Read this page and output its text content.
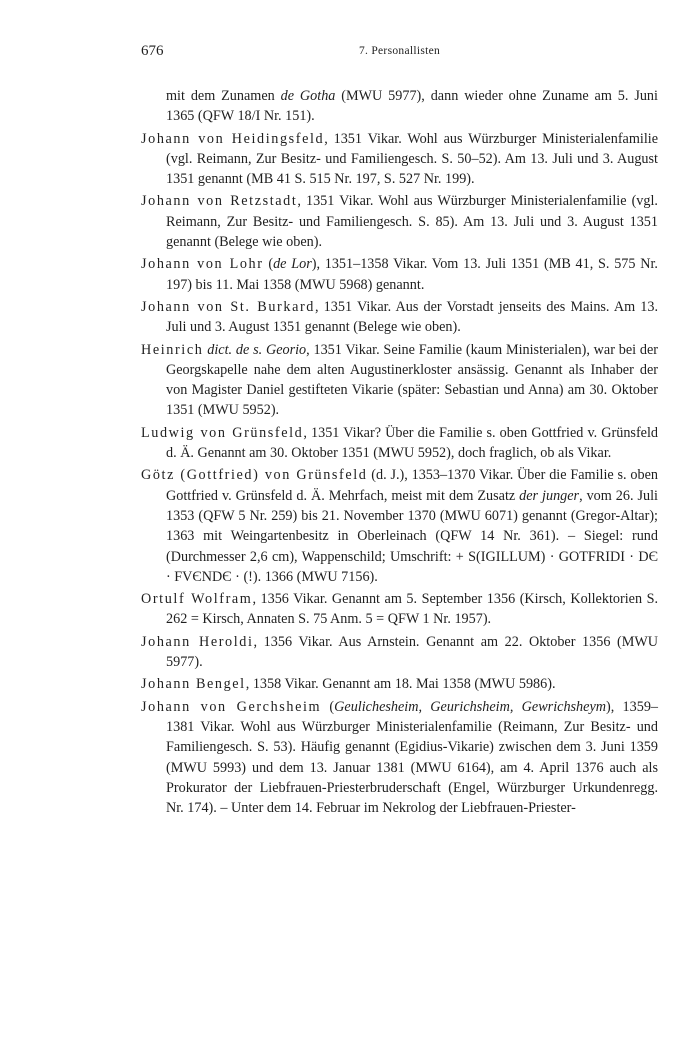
676	7. Personallisten

mit dem Zunamen de Gotha (MWU 5977), dann wieder ohne Zuname am 5. Juni 1365 (QFW 18/I Nr. 151).

Johann von Heidingsfeld, 1351 Vikar. Wohl aus Würzburger Ministerialenfamilie (vgl. Reimann, Zur Besitz- und Familiengesch. S. 50–52). Am 13. Juli und 3. August 1351 genannt (MB 41 S. 515 Nr. 197, S. 527 Nr. 199).

Johann von Retzstadt, 1351 Vikar. Wohl aus Würzburger Ministerialenfamilie (vgl. Reimann, Zur Besitz- und Familiengesch. S. 85). Am 13. Juli und 3. August 1351 genannt (Belege wie oben).

Johann von Lohr (de Lor), 1351–1358 Vikar. Vom 13. Juli 1351 (MB 41, S. 575 Nr. 197) bis 11. Mai 1358 (MWU 5968) genannt.

Johann von St. Burkard, 1351 Vikar. Aus der Vorstadt jenseits des Mains. Am 13. Juli und 3. August 1351 genannt (Belege wie oben).

Heinrich dict. de s. Georio, 1351 Vikar. Seine Familie (kaum Ministerialen), war bei der Georgskapelle nahe dem alten Augustinerkloster ansässig. Genannt als Inhaber der von Magister Daniel gestifteten Vikarie (später: Sebastian und Anna) am 30. Oktober 1351 (MWU 5952).

Ludwig von Grünsfeld, 1351 Vikar? Über die Familie s. oben Gottfried v. Grünsfeld d. Ä. Genannt am 30. Oktober 1351 (MWU 5952), doch fraglich, ob als Vikar.

Götz (Gottfried) von Grünsfeld (d. J.), 1353–1370 Vikar. Über die Familie s. oben Gottfried v. Grünsfeld d. Ä. Mehrfach, meist mit dem Zusatz der junger, vom 26. Juli 1353 (QFW 5 Nr. 259) bis 21. November 1370 (MWU 6071) genannt (Gregor-Altar); 1363 mit Weingartenbesitz in Oberleinach (QFW 14 Nr. 361). – Siegel: rund (Durchmesser 2,6 cm), Wappenschild; Umschrift: + S(IGILLUM) · GOTFRIDI · DЄ · FVЄNDЄ · (!). 1366 (MWU 7156).

Ortulf Wolfram, 1356 Vikar. Genannt am 5. September 1356 (Kirsch, Kollektorien S. 262 = Kirsch, Annaten S. 75 Anm. 5 = QFW 1 Nr. 1957).

Johann Heroldi, 1356 Vikar. Aus Arnstein. Genannt am 22. Oktober 1356 (MWU 5977).

Johann Bengel, 1358 Vikar. Genannt am 18. Mai 1358 (MWU 5986).

Johann von Gerchsheim (Geulichesheim, Geurichsheim, Gewrichsheym), 1359–1381 Vikar. Wohl aus Würzburger Ministerialenfamilie (Reimann, Zur Besitz- und Familiengesch. S. 53). Häufig genannt (Egidius-Vikarie) zwischen dem 3. Juni 1359 (MWU 5993) und dem 13. Januar 1381 (MWU 6164), am 4. April 1376 auch als Prokurator der Liebfrauen-Priesterbruderschaft (Engel, Würzburger Urkundenregg. Nr. 174). – Unter dem 14. Februar im Nekrolog der Liebfrauen-Priester-
